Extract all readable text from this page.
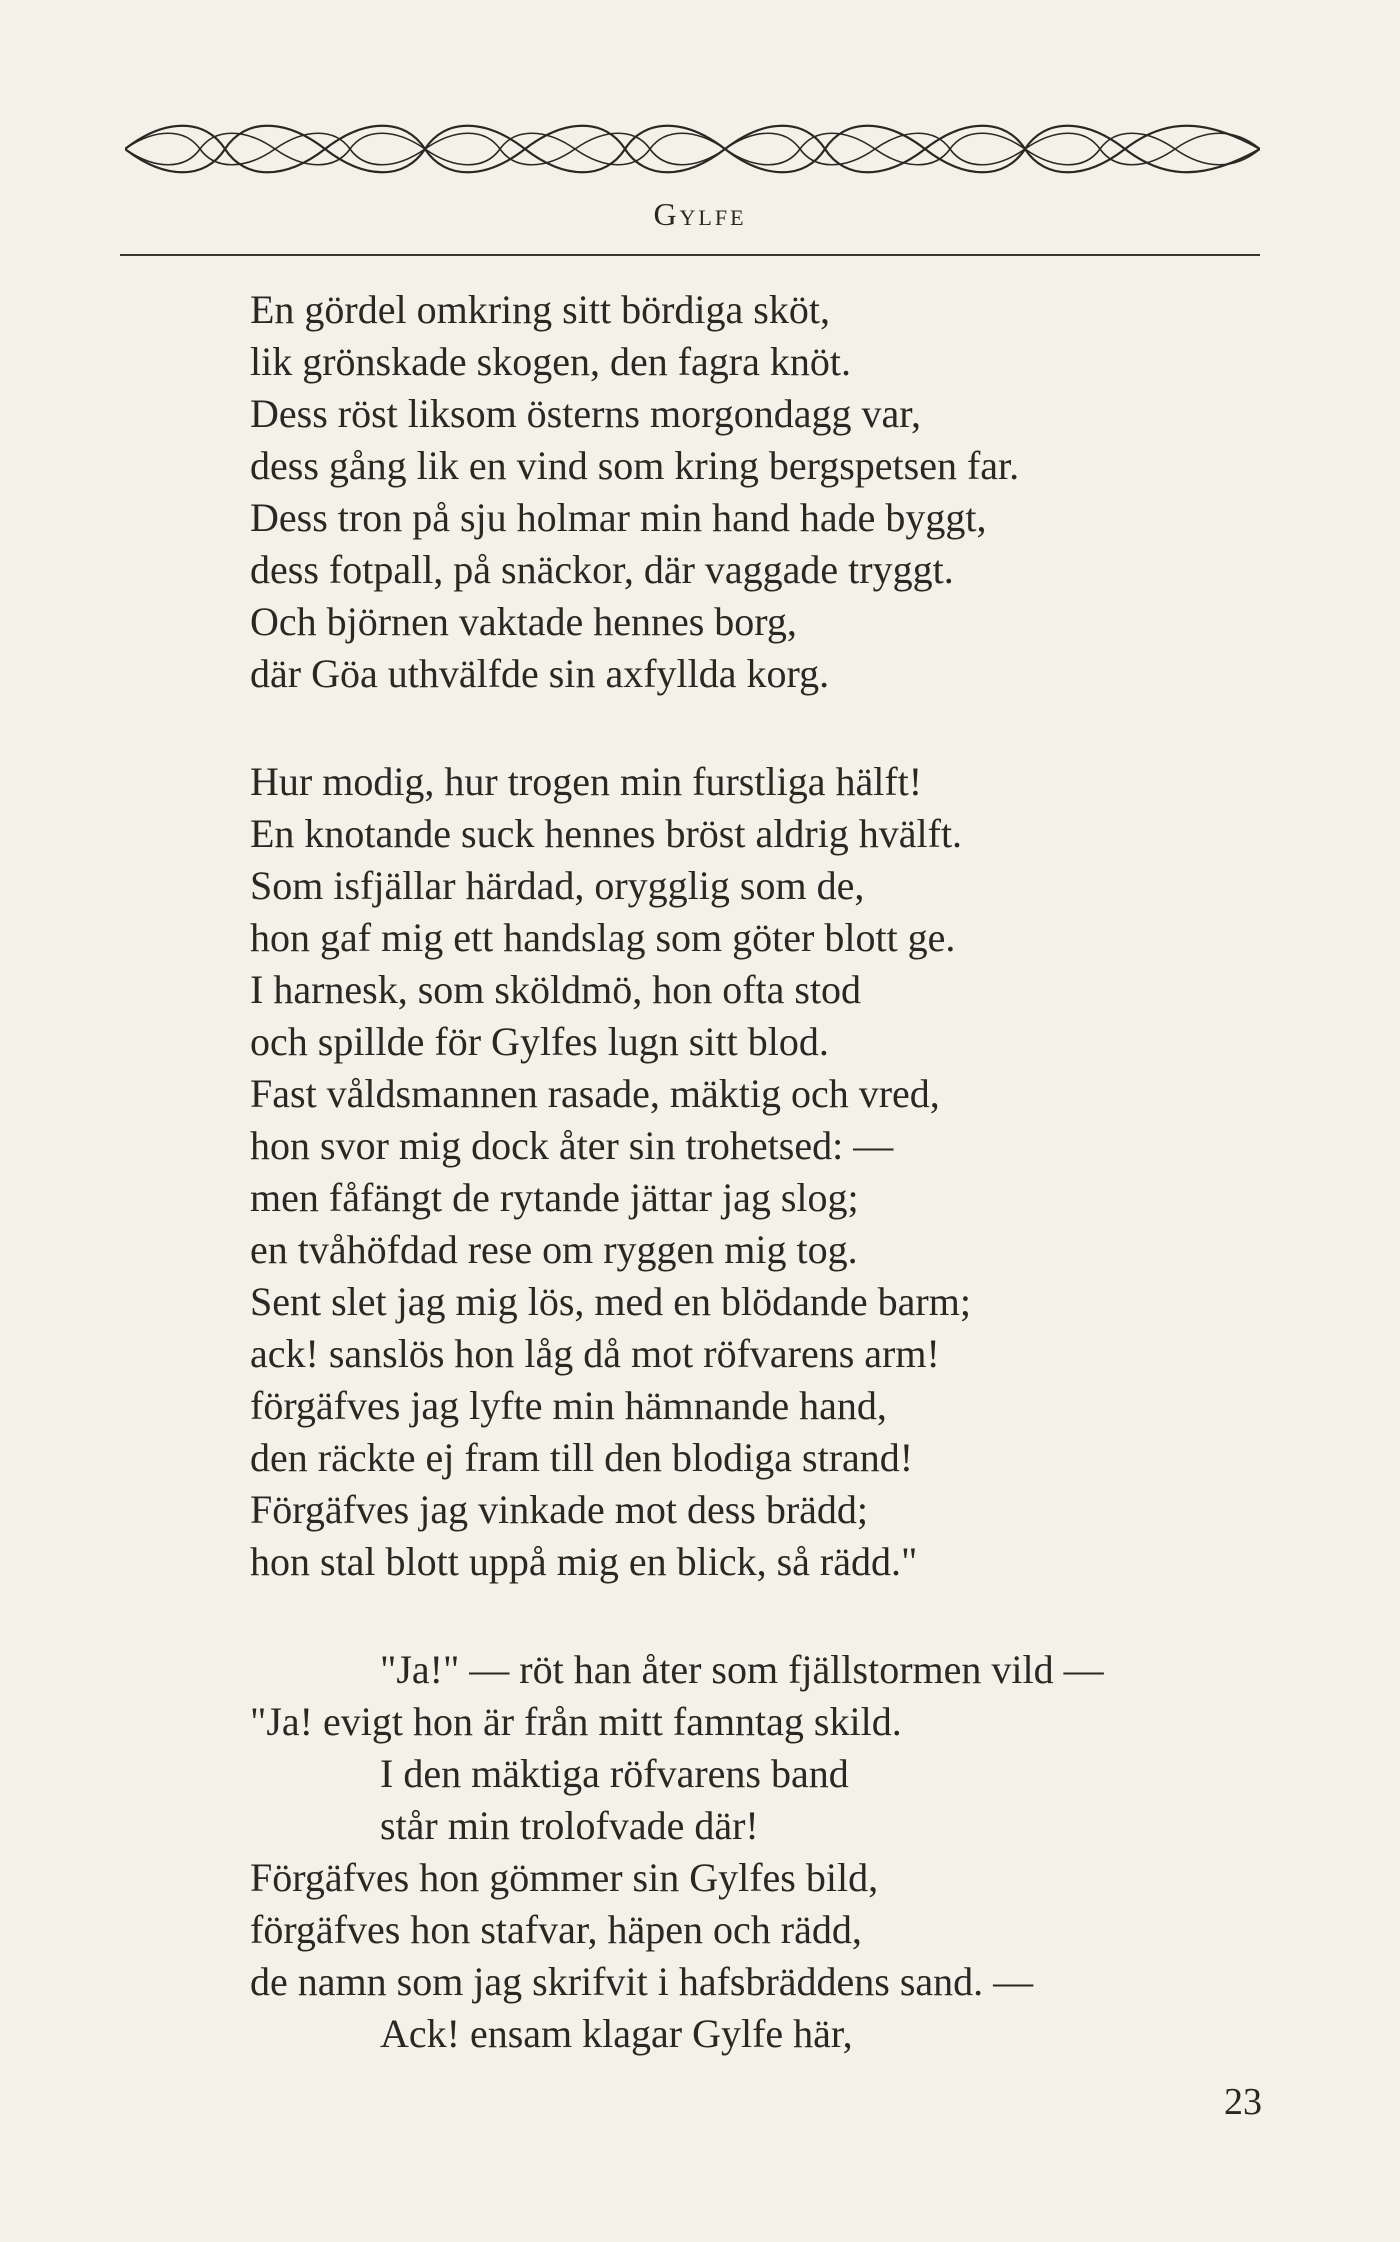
Gylfe
En gördel omkring sitt bördiga sköt,
lik grönskade skogen, den fagra knöt.
Dess röst liksom österns morgondagg var,
dess gång lik en vind som kring bergspetsen far.
Dess tron på sju holmar min hand hade byggt,
dess fotpall, på snäckor, där vaggade tryggt.
Och björnen vaktade hennes borg,
där Göa uthvälfde sin axfyllda korg.
Hur modig, hur trogen min furstliga hälft!
En knotande suck hennes bröst aldrig hvälft.
Som isfjällar härdad, orygglig som de,
hon gaf mig ett handslag som göter blott ge.
I harnesk, som sköldmö, hon ofta stod
och spillde för Gylfes lugn sitt blod.
Fast våldsmannen rasade, mäktig och vred,
hon svor mig dock åter sin trohetsed: —
men fåfängt de rytande jättar jag slog;
en tvåhöfdad rese om ryggen mig tog.
Sent slet jag mig lös, med en blödande barm;
ack! sanslös hon låg då mot röfvarens arm!
förgäfves jag lyfte min hämnande hand,
den räckte ej fram till den blodiga strand!
Förgäfves jag vinkade mot dess brädd;
hon stal blott uppå mig en blick, så rädd."
"Ja!" — röt han åter som fjällstormen vild —
"Ja! evigt hon är från mitt famntag skild.
I den mäktiga röfvarens band
står min trolofvade där!
Förgäfves hon gömmer sin Gylfes bild,
förgäfves hon stafvar, häpen och rädd,
de namn som jag skrifvit i hafsbräddens sand. —
Ack! ensam klagar Gylfe här,
23
